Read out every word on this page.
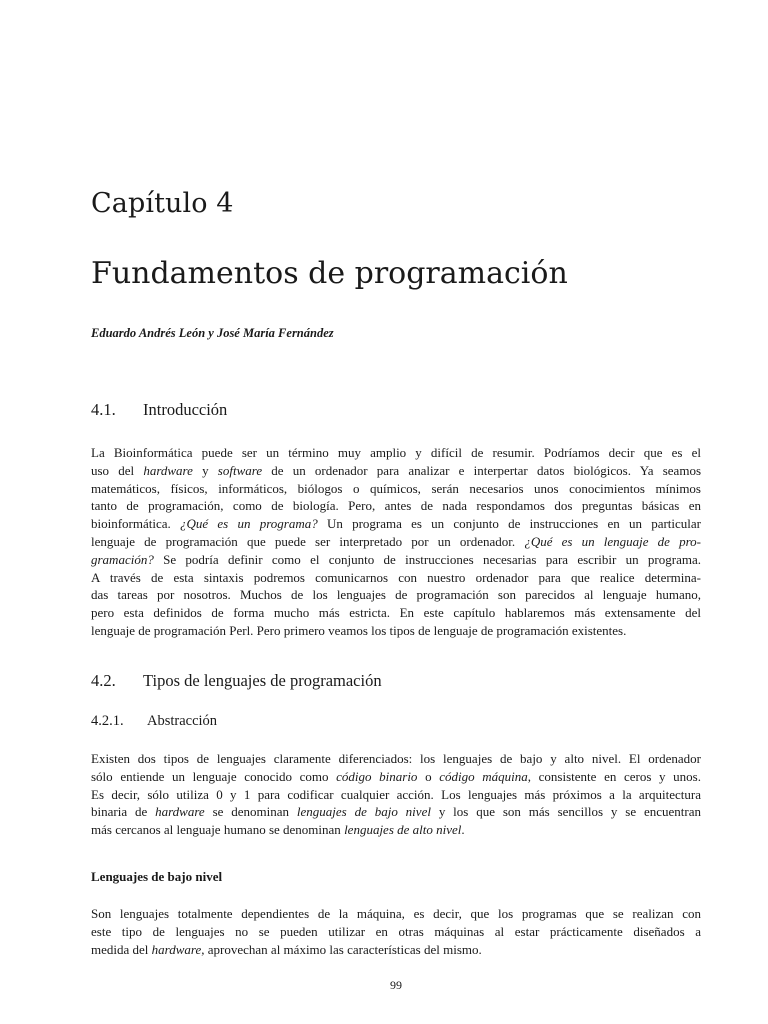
Capítulo 4
Fundamentos de programación
Eduardo Andrés León y José María Fernández
4.1. Introducción
La Bioinformática puede ser un término muy amplio y difícil de resumir. Podríamos decir que es el
uso del hardware y software de un ordenador para analizar e interpertar datos biológicos. Ya seamos
matemáticos, físicos, informáticos, biólogos o químicos, serán necesarios unos conocimientos mínimos
tanto de programación, como de biología. Pero, antes de nada respondamos dos preguntas básicas en
bioinformática. ¿Qué es un programa? Un programa es un conjunto de instrucciones en un particular
lenguaje de programación que puede ser interpretado por un ordenador. ¿Qué es un lenguaje de pro-
gramación? Se podría definir como el conjunto de instrucciones necesarias para escribir un programa.
A través de esta sintaxis podremos comunicarnos con nuestro ordenador para que realice determina-
das tareas por nosotros. Muchos de los lenguajes de programación son parecidos al lenguaje humano,
pero esta definidos de forma mucho más estricta. En este capítulo hablaremos más extensamente del
lenguaje de programación Perl. Pero primero veamos los tipos de lenguaje de programación existentes.
4.2. Tipos de lenguajes de programación
4.2.1. Abstracción
Existen dos tipos de lenguajes claramente diferenciados: los lenguajes de bajo y alto nivel. El ordenador
sólo entiende un lenguaje conocido como código binario o código máquina, consistente en ceros y unos.
Es decir, sólo utiliza 0 y 1 para codificar cualquier acción. Los lenguajes más próximos a la arquitectura
binaria de hardware se denominan lenguajes de bajo nivel y los que son más sencillos y se encuentran
más cercanos al lenguaje humano se denominan lenguajes de alto nivel.
Lenguajes de bajo nivel
Son lenguajes totalmente dependientes de la máquina, es decir, que los programas que se realizan con
este tipo de lenguajes no se pueden utilizar en otras máquinas al estar prácticamente diseñados a
medida del hardware, aprovechan al máximo las características del mismo.
99
